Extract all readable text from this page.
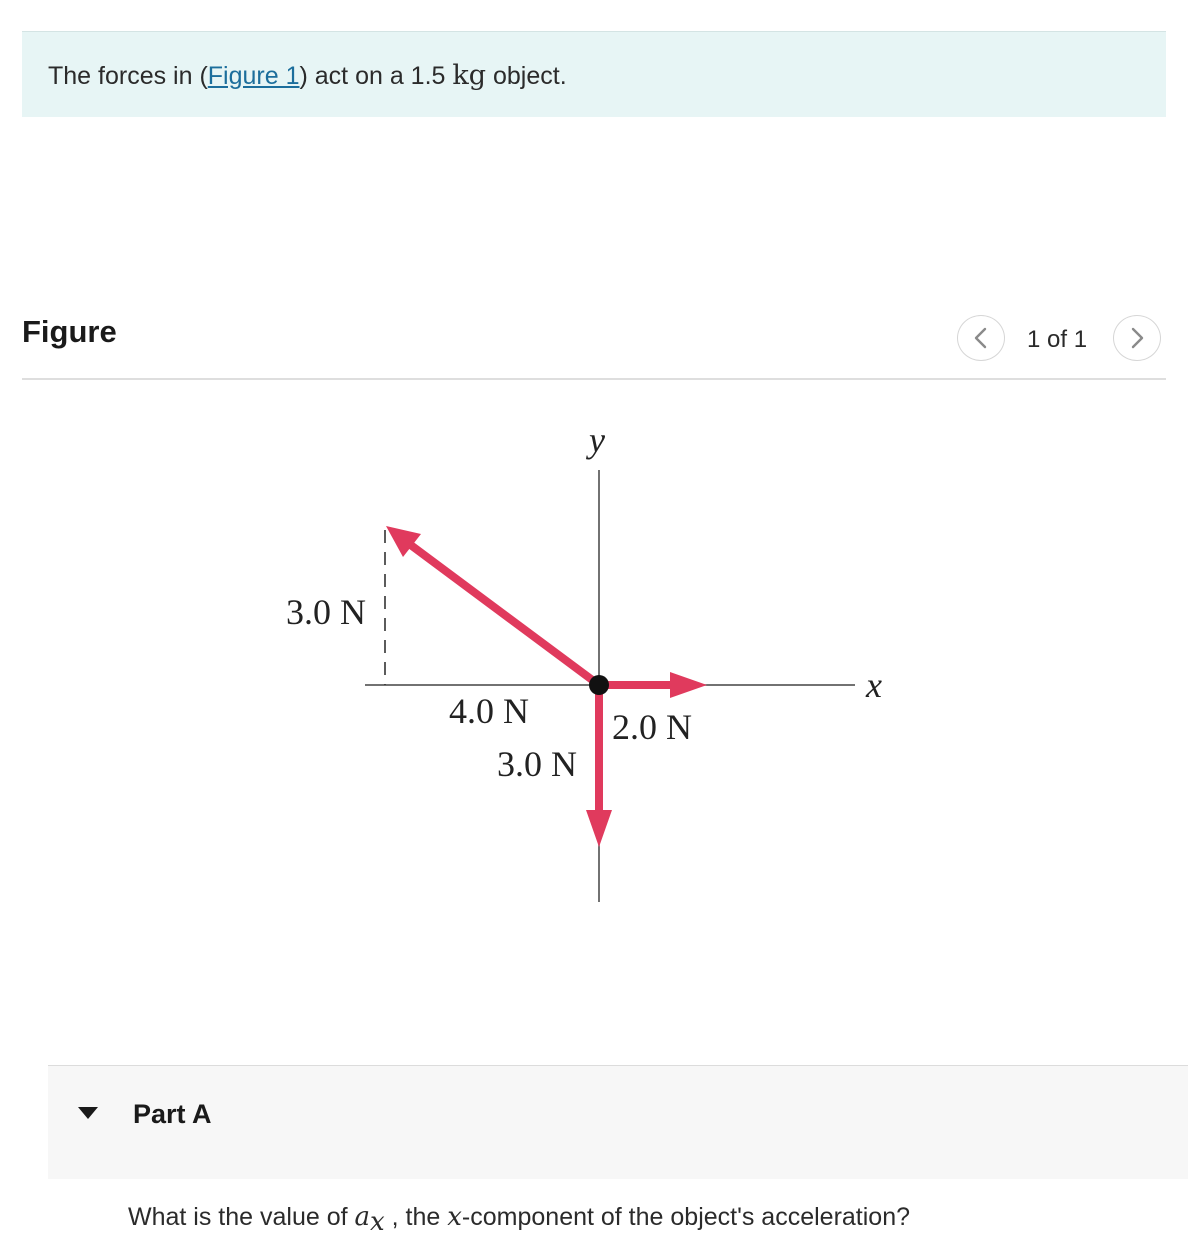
The forces in (Figure 1) act on a 1.5 kg object.
Figure	1 of 1
x
y
3.0 N
4.0 N
3.0 N
2.0 N
Part A
What is the value of $a_x$ , the x-component of the object's acceleration?
